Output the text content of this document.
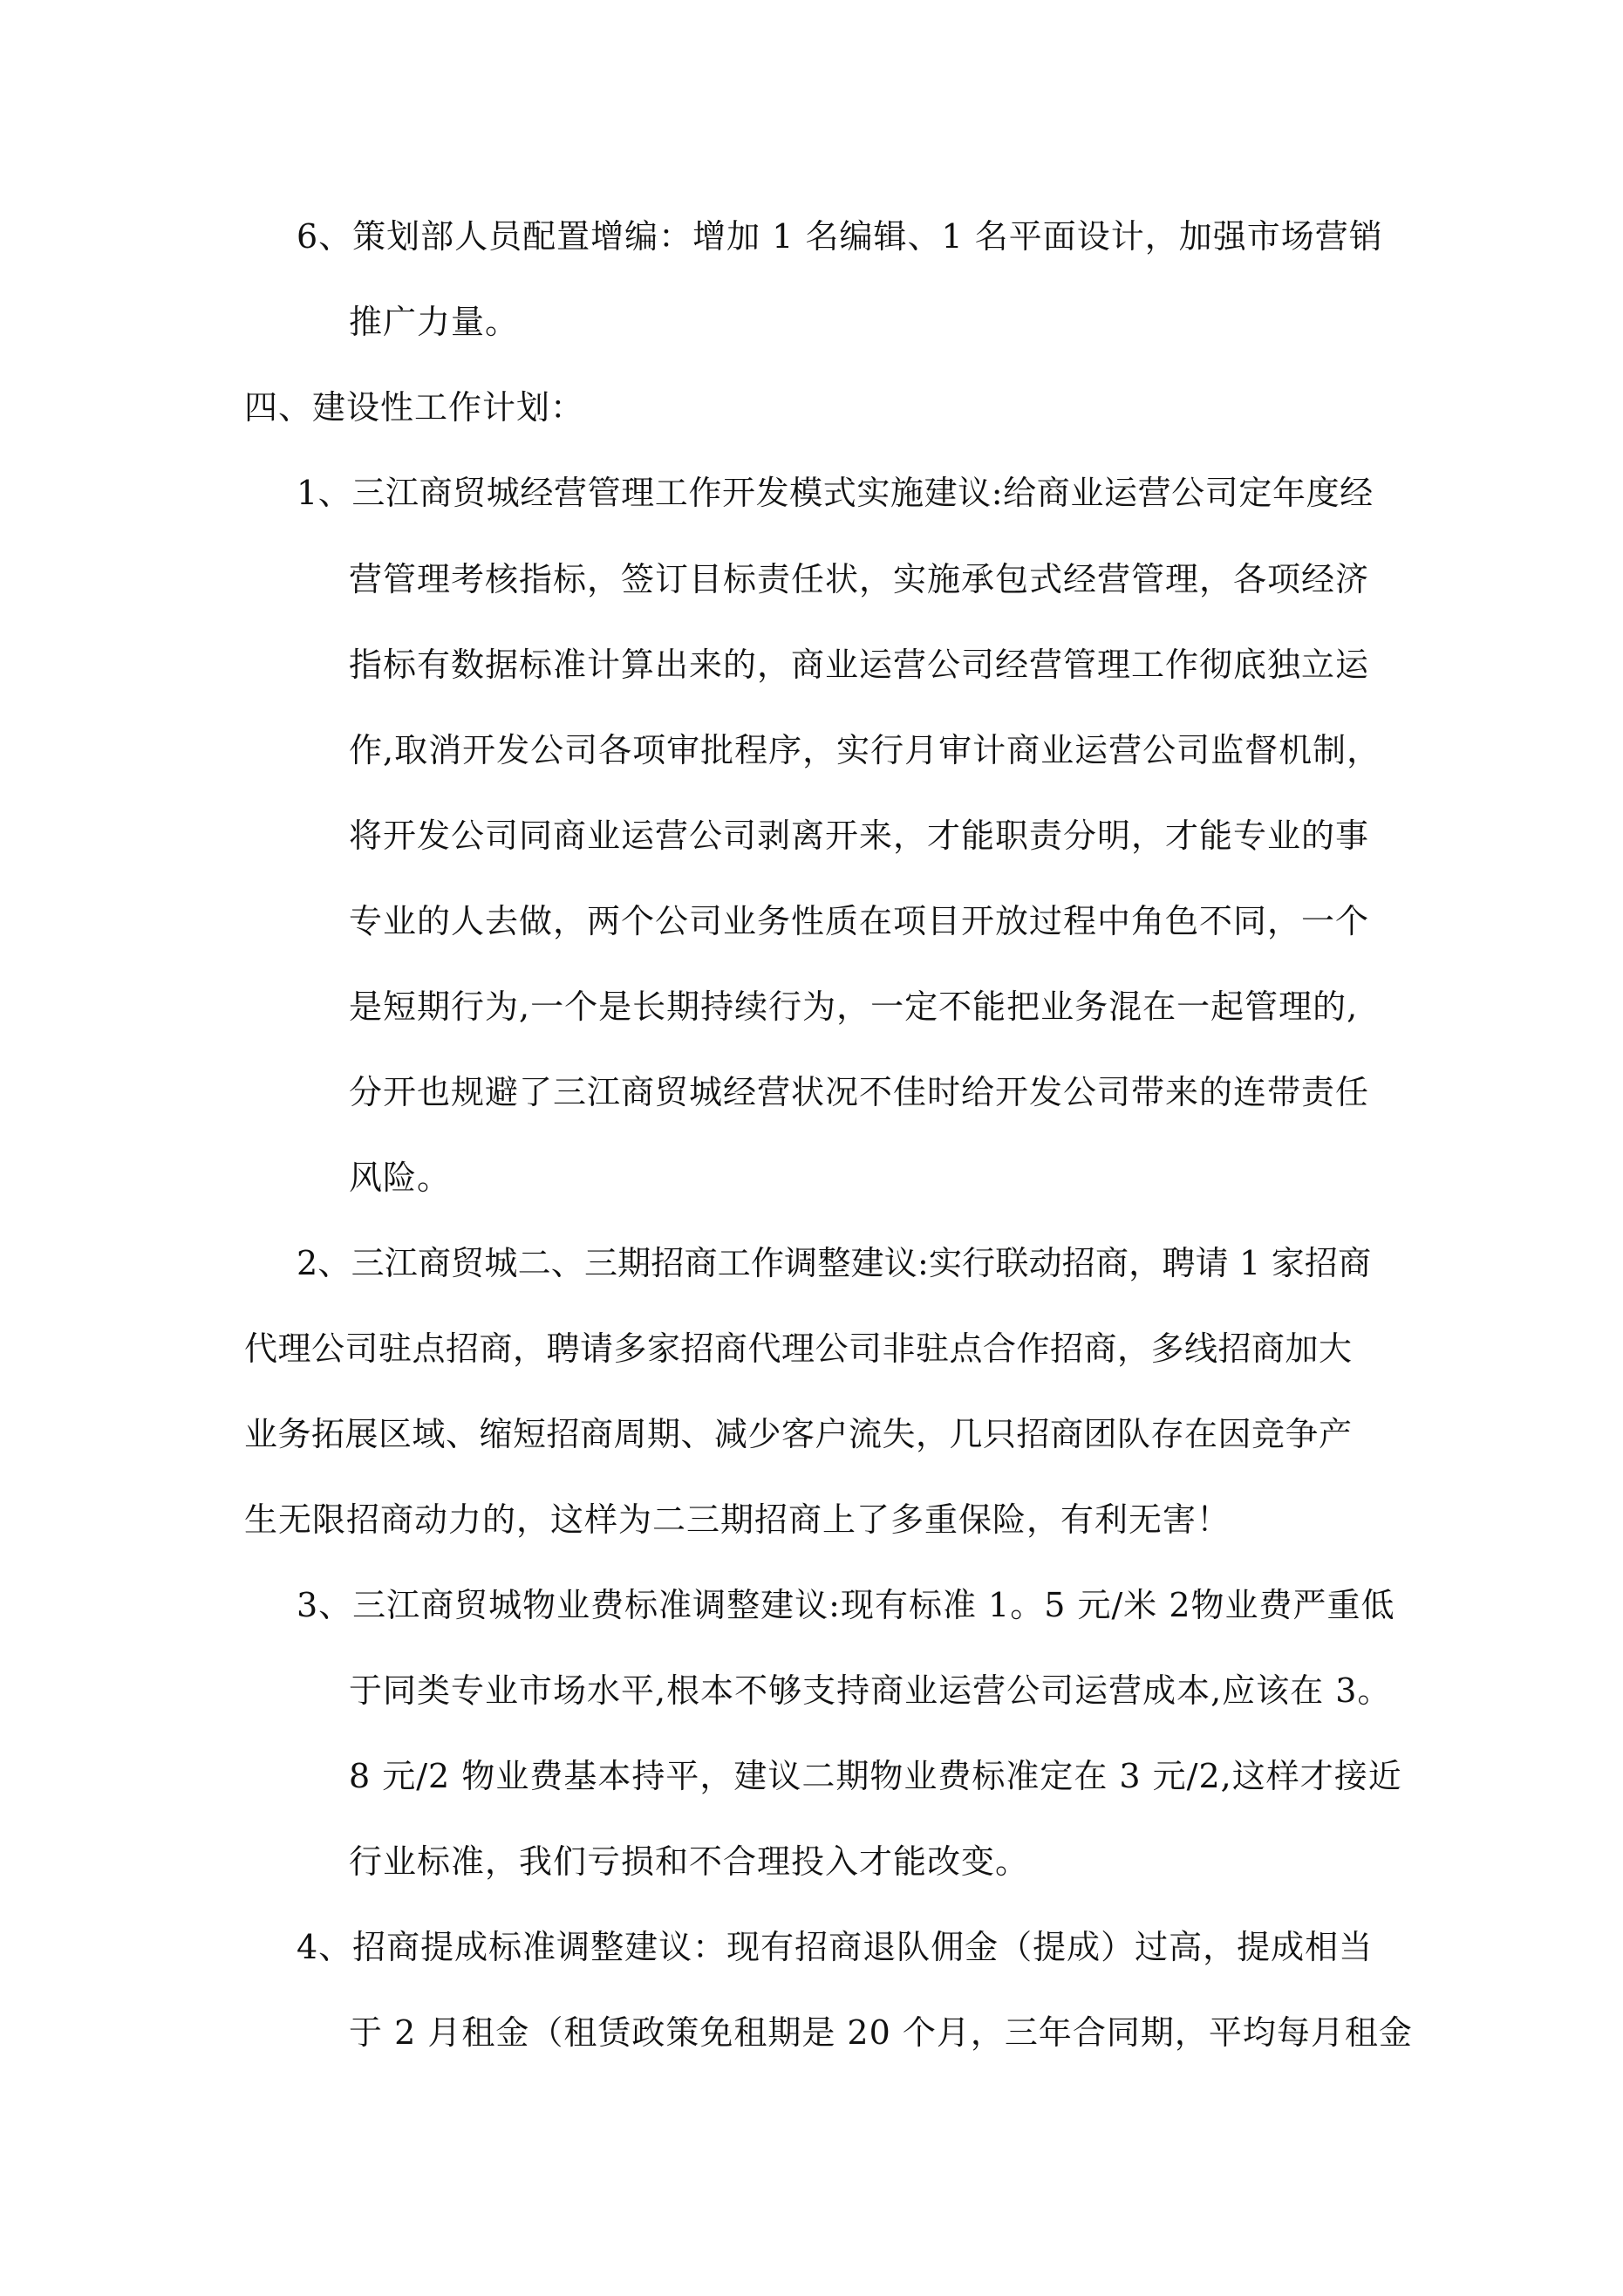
6、策划部人员配置增编：增加 1 名编辑、1 名平面设计，加强市场营销
推广力量。
四、建设性工作计划：
1、三江商贸城经营管理工作开发模式实施建议:给商业运营公司定年度经
营管理考核指标，签订目标责任状，实施承包式经营管理，各项经济
指标有数据标准计算出来的，商业运营公司经营管理工作彻底独立运
作,取消开发公司各项审批程序，实行月审计商业运营公司监督机制，
将开发公司同商业运营公司剥离开来，才能职责分明，才能专业的事
专业的人去做，两个公司业务性质在项目开放过程中角色不同，一个
是短期行为,一个是长期持续行为，一定不能把业务混在一起管理的,
分开也规避了三江商贸城经营状况不佳时给开发公司带来的连带责任
风险。
2、三江商贸城二、三期招商工作调整建议:实行联动招商，聘请 1 家招商
代理公司驻点招商，聘请多家招商代理公司非驻点合作招商，多线招商加大
业务拓展区域、缩短招商周期、减少客户流失，几只招商团队存在因竞争产
生无限招商动力的，这样为二三期招商上了多重保险，有利无害！
3、三江商贸城物业费标准调整建议:现有标准 1。5 元/米 2物业费严重低
于同类专业市场水平,根本不够支持商业运营公司运营成本,应该在 3。
8 元/2 物业费基本持平，建议二期物业费标准定在 3 元/2,这样才接近
行业标准，我们亏损和不合理投入才能改变。
4、招商提成标准调整建议：现有招商退队佣金（提成）过高，提成相当
于 2 月租金（租赁政策免租期是 20 个月，三年合同期，平均每月租金
